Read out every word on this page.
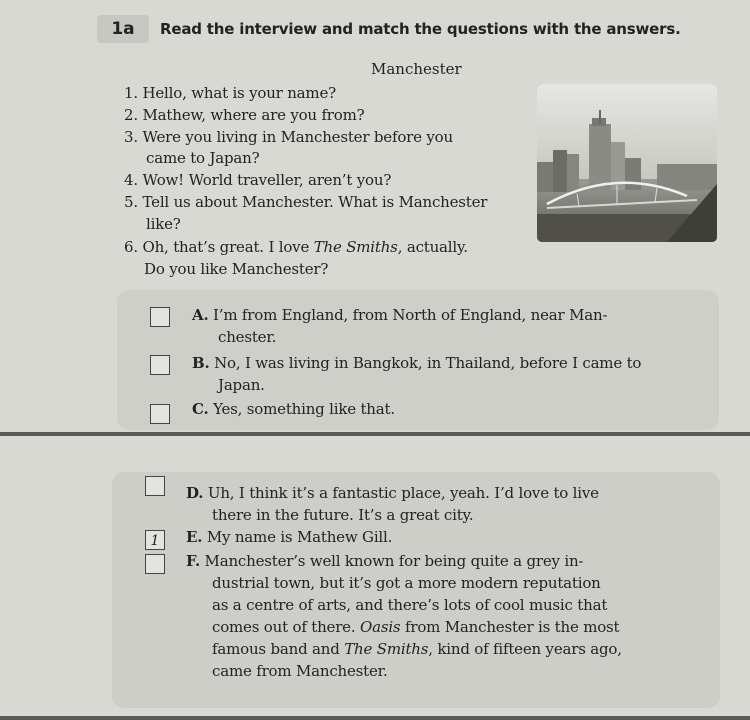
1a	Read the interview and match the questions with the answers.
Manchester
1. Hello, what is your name?
2. Mathew, where are you from?
3. Were you living in Manchester before you
came to Japan?
4. Wow! World traveller, aren’t you?
5. Tell us about Manchester. What is Manchester
like?
6. Oh, that’s great. I love The Smiths, actually.
Do you like Manchester?
A. I’m from England, from North of England, near Man-
chester.
B. No, I was living in Bangkok, in Thailand, before I came to
Japan.
C. Yes, something like that.
D. Uh, I think it’s a fantastic place, yeah. I’d love to live
there in the future. It’s a great city.
1	E. My name is Mathew Gill.
F. Manchester’s well known for being quite a grey in-
dustrial town, but it’s got a more modern reputation
as a centre of arts, and there’s lots of cool music that
comes out of there. Oasis from Manchester is the most
famous band and The Smiths, kind of fifteen years ago,
came from Manchester.
